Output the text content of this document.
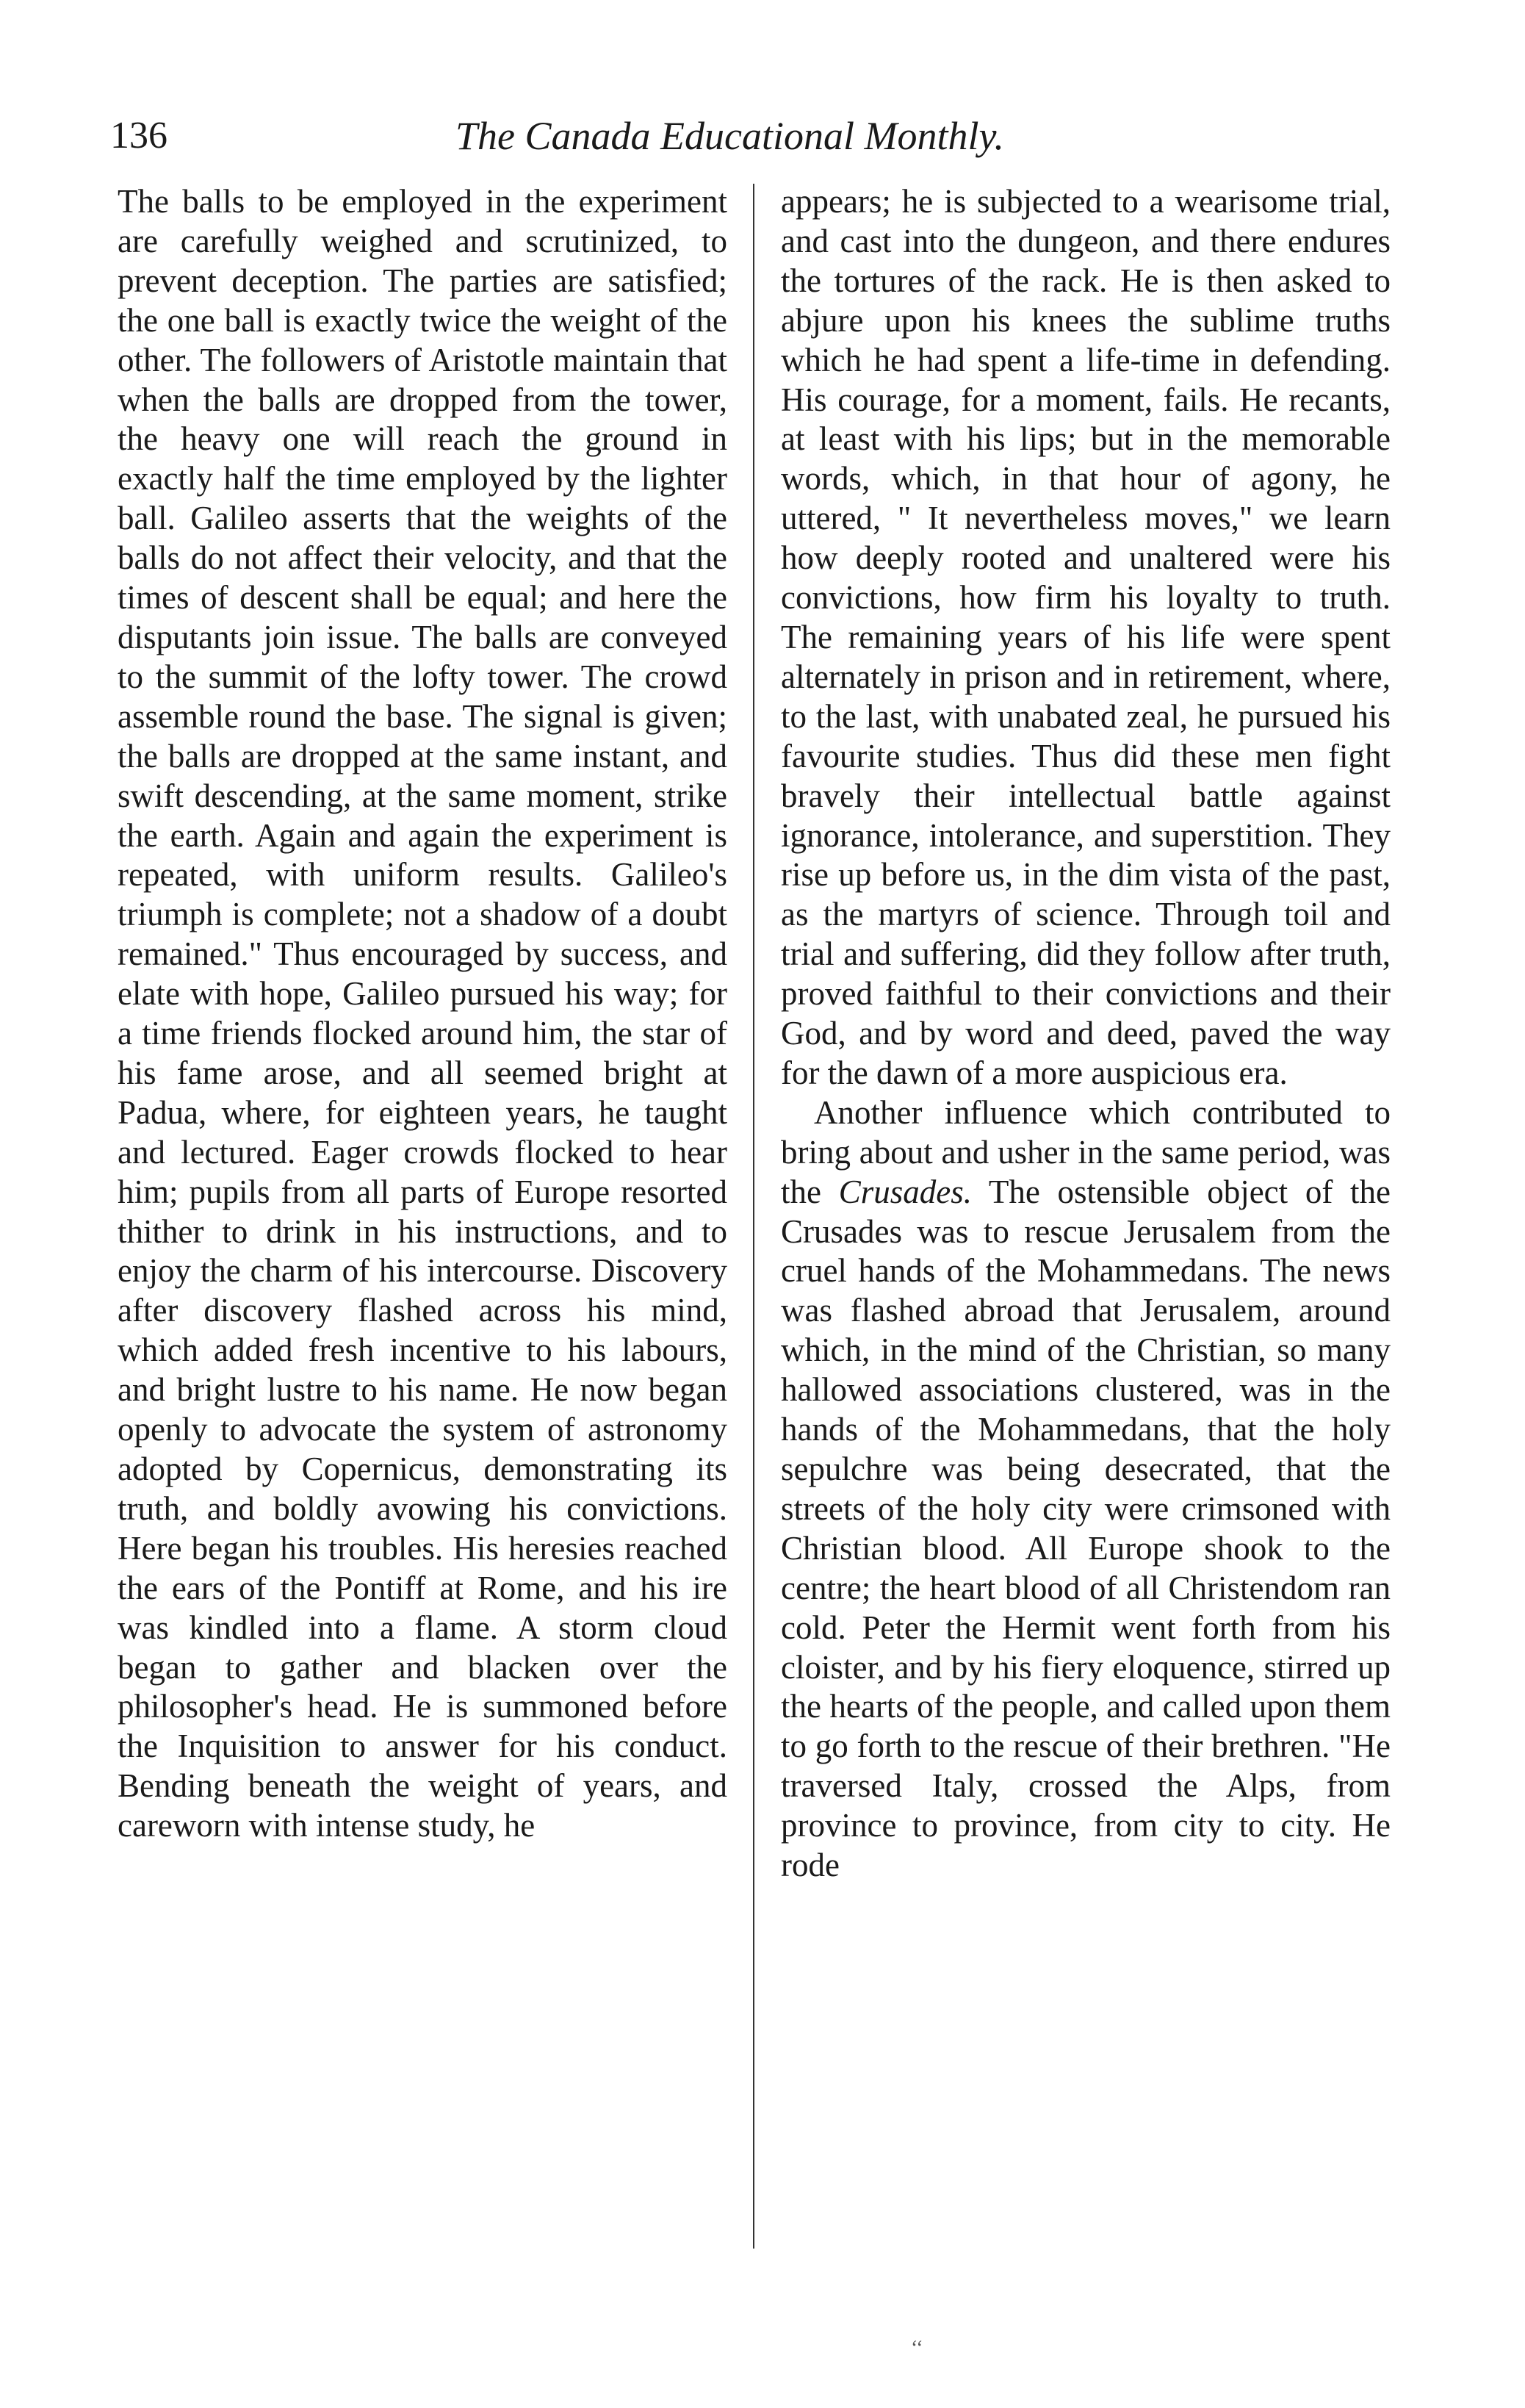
136	The Canada Educational Monthly.

The balls to be employed in the experiment are carefully weighed and scrutinized, to prevent deception. The parties are satisfied; the one ball is exactly twice the weight of the other. The followers of Aristotle maintain that when the balls are dropped from the tower, the heavy one will reach the ground in exactly half the time employed by the lighter ball. Galileo asserts that the weights of the balls do not affect their velocity, and that the times of descent shall be equal; and here the disputants join issue. The balls are conveyed to the summit of the lofty tower. The crowd assemble round the base. The signal is given; the balls are dropped at the same instant, and swift descending, at the same moment, strike the earth. Again and again the experiment is repeated, with uniform results. Galileo's triumph is complete; not a shadow of a doubt remained." Thus encouraged by success, and elate with hope, Galileo pursued his way; for a time friends flocked around him, the star of his fame arose, and all seemed bright at Padua, where, for eighteen years, he taught and lectured. Eager crowds flocked to hear him; pupils from all parts of Europe resorted thither to drink in his instructions, and to enjoy the charm of his intercourse. Discovery after discovery flashed across his mind, which added fresh incentive to his labours, and bright lustre to his name. He now began openly to advocate the system of astronomy adopted by Copernicus, demonstrating its truth, and boldly avowing his convictions. Here began his troubles. His heresies reached the ears of the Pontiff at Rome, and his ire was kindled into a flame. A storm cloud began to gather and blacken over the philosopher's head. He is summoned before the Inquisition to answer for his conduct. Bending beneath the weight of years, and careworn with intense study, he

appears; he is subjected to a wearisome trial, and cast into the dungeon, and there endures the tortures of the rack. He is then asked to abjure upon his knees the sublime truths which he had spent a life-time in defending. His courage, for a moment, fails. He recants, at least with his lips; but in the memorable words, which, in that hour of agony, he uttered, " It nevertheless moves," we learn how deeply rooted and unaltered were his convictions, how firm his loyalty to truth. The remaining years of his life were spent alternately in prison and in retirement, where, to the last, with unabated zeal, he pursued his favourite studies. Thus did these men fight bravely their intellectual battle against ignorance, intolerance, and superstition. They rise up before us, in the dim vista of the past, as the martyrs of science. Through toil and trial and suffering, did they follow after truth, proved faithful to their convictions and their God, and by word and deed, paved the way for the dawn of a more auspicious era.

Another influence which contributed to bring about and usher in the same period, was the Crusades. The ostensible object of the Crusades was to rescue Jerusalem from the cruel hands of the Mohammedans. The news was flashed abroad that Jerusalem, around which, in the mind of the Christian, so many hallowed associations clustered, was in the hands of the Mohammedans, that the holy sepulchre was being desecrated, that the streets of the holy city were crimsoned with Christian blood. All Europe shook to the centre; the heart blood of all Christendom ran cold. Peter the Hermit went forth from his cloister, and by his fiery eloquence, stirred up the hearts of the people, and called upon them to go forth to the rescue of their brethren. "He traversed Italy, crossed the Alps, from province to province, from city to city. He rode

‘‘
